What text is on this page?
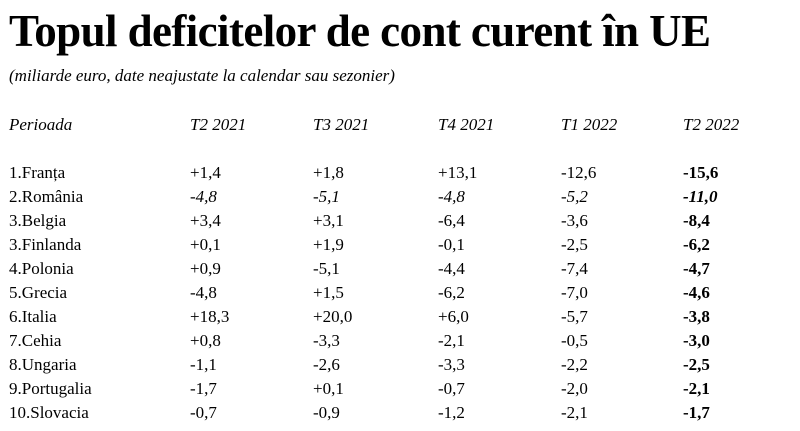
Topul deficitelor de cont curent în UE
(miliarde euro, date neajustate la calendar sau sezonier)
Perioada	T2 2021	T3 2021	T4 2021	T1 2022	T2 2022
1.Franța	+1,4	+1,8	+13,1	-12,6	-15,6
2.România	-4,8	-5,1	-4,8	-5,2	-11,0
3.Belgia	+3,4	+3,1	-6,4	-3,6	-8,4
3.Finlanda	+0,1	+1,9	-0,1	-2,5	-6,2
4.Polonia	+0,9	-5,1	-4,4	-7,4	-4,7
5.Grecia	-4,8	+1,5	-6,2	-7,0	-4,6
6.Italia	+18,3	+20,0	+6,0	-5,7	-3,8
7.Cehia	+0,8	-3,3	-2,1	-0,5	-3,0
8.Ungaria	-1,1	-2,6	-3,3	-2,2	-2,5
9.Portugalia	-1,7	+0,1	-0,7	-2,0	-2,1
10.Slovacia	-0,7	-0,9	-1,2	-2,1	-1,7
